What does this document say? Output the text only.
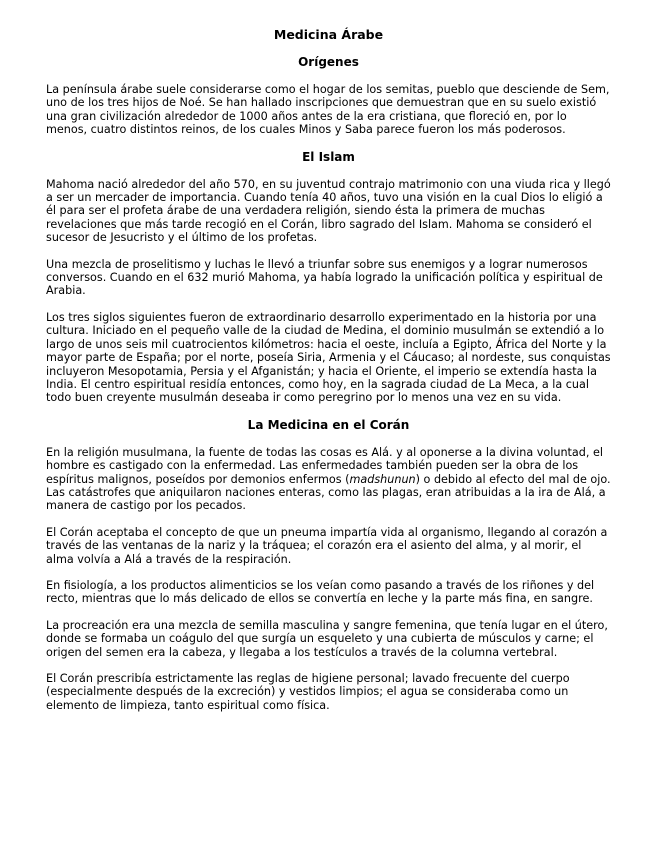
Medicina Árabe
Orígenes

La península árabe suele considerarse como el hogar de los semitas, pueblo que desciende de Sem, uno de los tres hijos de Noé. Se han hallado inscripciones que demuestran que en su suelo existió una gran civilización alrededor de 1000 años antes de la era cristiana, que floreció en, por lo menos, cuatro distintos reinos, de los cuales Minos y Saba parece fueron los más poderosos.

El Islam

Mahoma nació alrededor del año 570, en su juventud contrajo matrimonio con una viuda rica y llegó a ser un mercader de importancia. Cuando tenía 40 años, tuvo una visión en la cual Dios lo eligió a él para ser el profeta árabe de una verdadera religión, siendo ésta la primera de muchas revelaciones que más tarde recogió en el Corán, libro sagrado del Islam. Mahoma se consideró el sucesor de Jesucristo y el último de los profetas.

Una mezcla de proselitismo y luchas le llevó a triunfar sobre sus enemigos y a lograr numerosos conversos. Cuando en el 632 murió Mahoma, ya había logrado la unificación política y espiritual de Arabia.

Los tres siglos siguientes fueron de extraordinario desarrollo experimentado en la historia por una cultura. Iniciado en el pequeño valle de la ciudad de Medina, el dominio musulmán se extendió a lo largo de unos seis mil cuatrocientos kilómetros: hacia el oeste, incluía a Egipto, África del Norte y la mayor parte de España; por el norte, poseía Siria, Armenia y el Cáucaso; al nordeste, sus conquistas incluyeron Mesopotamia, Persia y el Afganistán; y hacia el Oriente, el imperio se extendía hasta la India. El centro espiritual residía entonces, como hoy, en la sagrada ciudad de La Meca, a la cual todo buen creyente musulmán deseaba ir como peregrino por lo menos una vez en su vida.

La Medicina en el Corán

En la religión musulmana, la fuente de todas las cosas es Alá. y al oponerse a la divina voluntad, el hombre es castigado con la enfermedad. Las enfermedades también pueden ser la obra de los espíritus malignos, poseídos por demonios enfermos (madshunun) o debido al efecto del mal de ojo. Las catástrofes que aniquilaron naciones enteras, como las plagas, eran atribuidas a la ira de Alá, a manera de castigo por los pecados.

El Corán aceptaba el concepto de que un pneuma impartía vida al organismo, llegando al corazón a través de las ventanas de la nariz y la tráquea; el corazón era el asiento del alma, y al morir, el alma volvía a Alá a través de la respiración.

En fisiología, a los productos alimenticios se los veían como pasando a través de los riñones y del recto, mientras que lo más delicado de ellos se convertía en leche y la parte más fina, en sangre.

La procreación era una mezcla de semilla masculina y sangre femenina, que tenía lugar en el útero, donde se formaba un coágulo del que surgía un esqueleto y una cubierta de músculos y carne; el origen del semen era la cabeza, y llegaba a los testículos a través de la columna vertebral.

El Corán prescribía estrictamente las reglas de higiene personal; lavado frecuente del cuerpo (especialmente después de la excreción) y vestidos limpios; el agua se consideraba como un elemento de limpieza, tanto espiritual como física.
